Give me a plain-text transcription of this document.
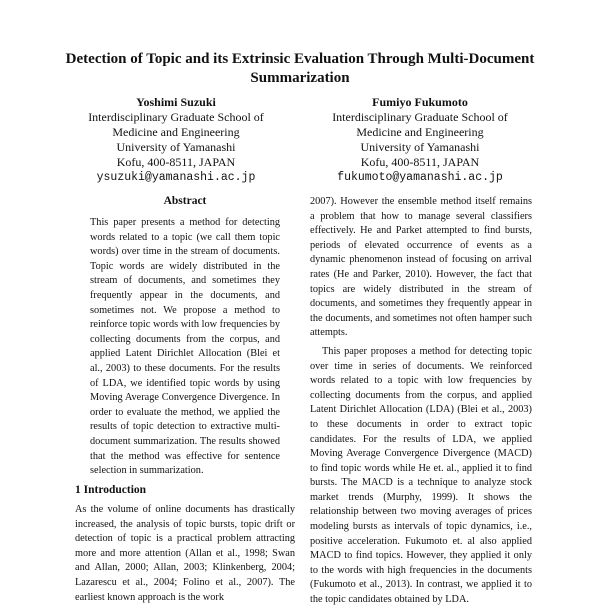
Detection of Topic and its Extrinsic Evaluation Through Multi-Document Summarization
Yoshimi Suzuki
Interdisciplinary Graduate School of
Medicine and Engineering
University of Yamanashi
Kofu, 400-8511, JAPAN
ysuzuki@yamanashi.ac.jp
Fumiyo Fukumoto
Interdisciplinary Graduate School of
Medicine and Engineering
University of Yamanashi
Kofu, 400-8511, JAPAN
fukumoto@yamanashi.ac.jp
Abstract
This paper presents a method for detecting words related to a topic (we call them topic words) over time in the stream of documents. Topic words are widely distributed in the stream of documents, and sometimes they frequently appear in the documents, and sometimes not. We propose a method to reinforce topic words with low frequencies by collecting documents from the corpus, and applied Latent Dirichlet Allocation (Blei et al., 2003) to these documents. For the results of LDA, we identified topic words by using Moving Average Convergence Divergence. In order to evaluate the method, we applied the results of topic detection to extractive multi-document summarization. The results showed that the method was effective for sentence selection in summarization.
1 Introduction
As the volume of online documents has drastically increased, the analysis of topic bursts, topic drift or detection of topic is a practical problem attracting more and more attention (Allan et al., 1998; Swan and Allan, 2000; Allan, 2003; Klinkenberg, 2004; Lazarescu et al., 2004; Folino et al., 2007). The earliest known approach is the work

2007). However the ensemble method itself remains a problem that how to manage several classifiers effectively. He and Parket attempted to find bursts, periods of elevated occurrence of events as a dynamic phenomenon instead of focusing on arrival rates (He and Parker, 2010). However, the fact that topics are widely distributed in the stream of documents, and sometimes they frequently appear in the documents, and sometimes not often hamper such attempts.

This paper proposes a method for detecting topic over time in series of documents. We reinforced words related to a topic with low frequencies by collecting documents from the corpus, and applied Latent Dirichlet Allocation (LDA) (Blei et al., 2003) to these documents in order to extract topic candidates. For the results of LDA, we applied Moving Average Convergence Divergence (MACD) to find topic words while He et. al., applied it to find bursts. The MACD is a technique to analyze stock market trends (Murphy, 1999). It shows the relationship between two moving averages of prices modeling bursts as intervals of topic dynamics, i.e., positive acceleration. Fukumoto et. al also applied MACD to find topics. However, they applied it only to the words with high frequencies in the documents (Fukumoto et al., 2013). In contrast, we applied it to the topic candidates obtained by LDA.
